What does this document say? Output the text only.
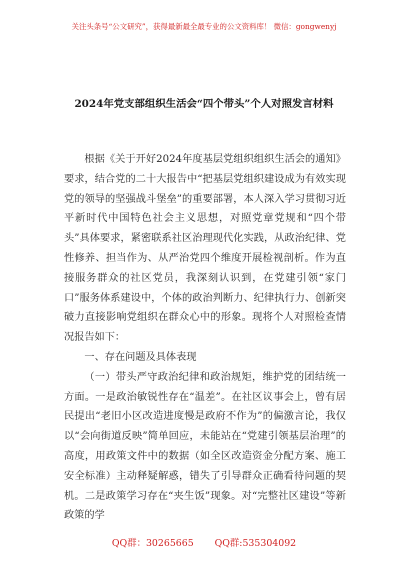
关注头条号“公文研究”，获得最新最全最专业的公文资料库！ 微信：gongwenyj
2024年党支部组织生活会“四个带头”个人对照发言材料

根据《关于开好2024年度基层党组织组织生活会的通知》要求，结合党的二十大报告中“把基层党组织建设成为有效实现党的领导的坚强战斗堡垒”的重要部署，本人深入学习贯彻习近平新时代中国特色社会主义思想，对照党章党规和“四个带头”具体要求，紧密联系社区治理现代化实践，从政治纪律、党性修养、担当作为、从严治党四个维度开展检视剖析。作为直接服务群众的社区党员，我深刻认识到，在党建引领“家门口”服务体系建设中，个体的政治判断力、纪律执行力、创新突破力直接影响党组织在群众心中的形象。现将个人对照检查情况报告如下：

一、存在问题及具体表现

（一）带头严守政治纪律和政治规矩，维护党的团结统一方面。一是政治敏锐性存在“温差”。在社区议事会上，曾有居民提出“老旧小区改造进度慢是政府不作为”的偏激言论，我仅以“会向街道反映”简单回应，未能站在“党建引领基层治理”的高度，用政策文件中的数据（如全区改造资金分配方案、施工安全标准）主动释疑解惑，错失了引导群众正确看待问题的契机。二是政策学习存在“夹生饭”现象。对“完整社区建设”等新政策的学

QQ群：30265665 QQ群:535304092
